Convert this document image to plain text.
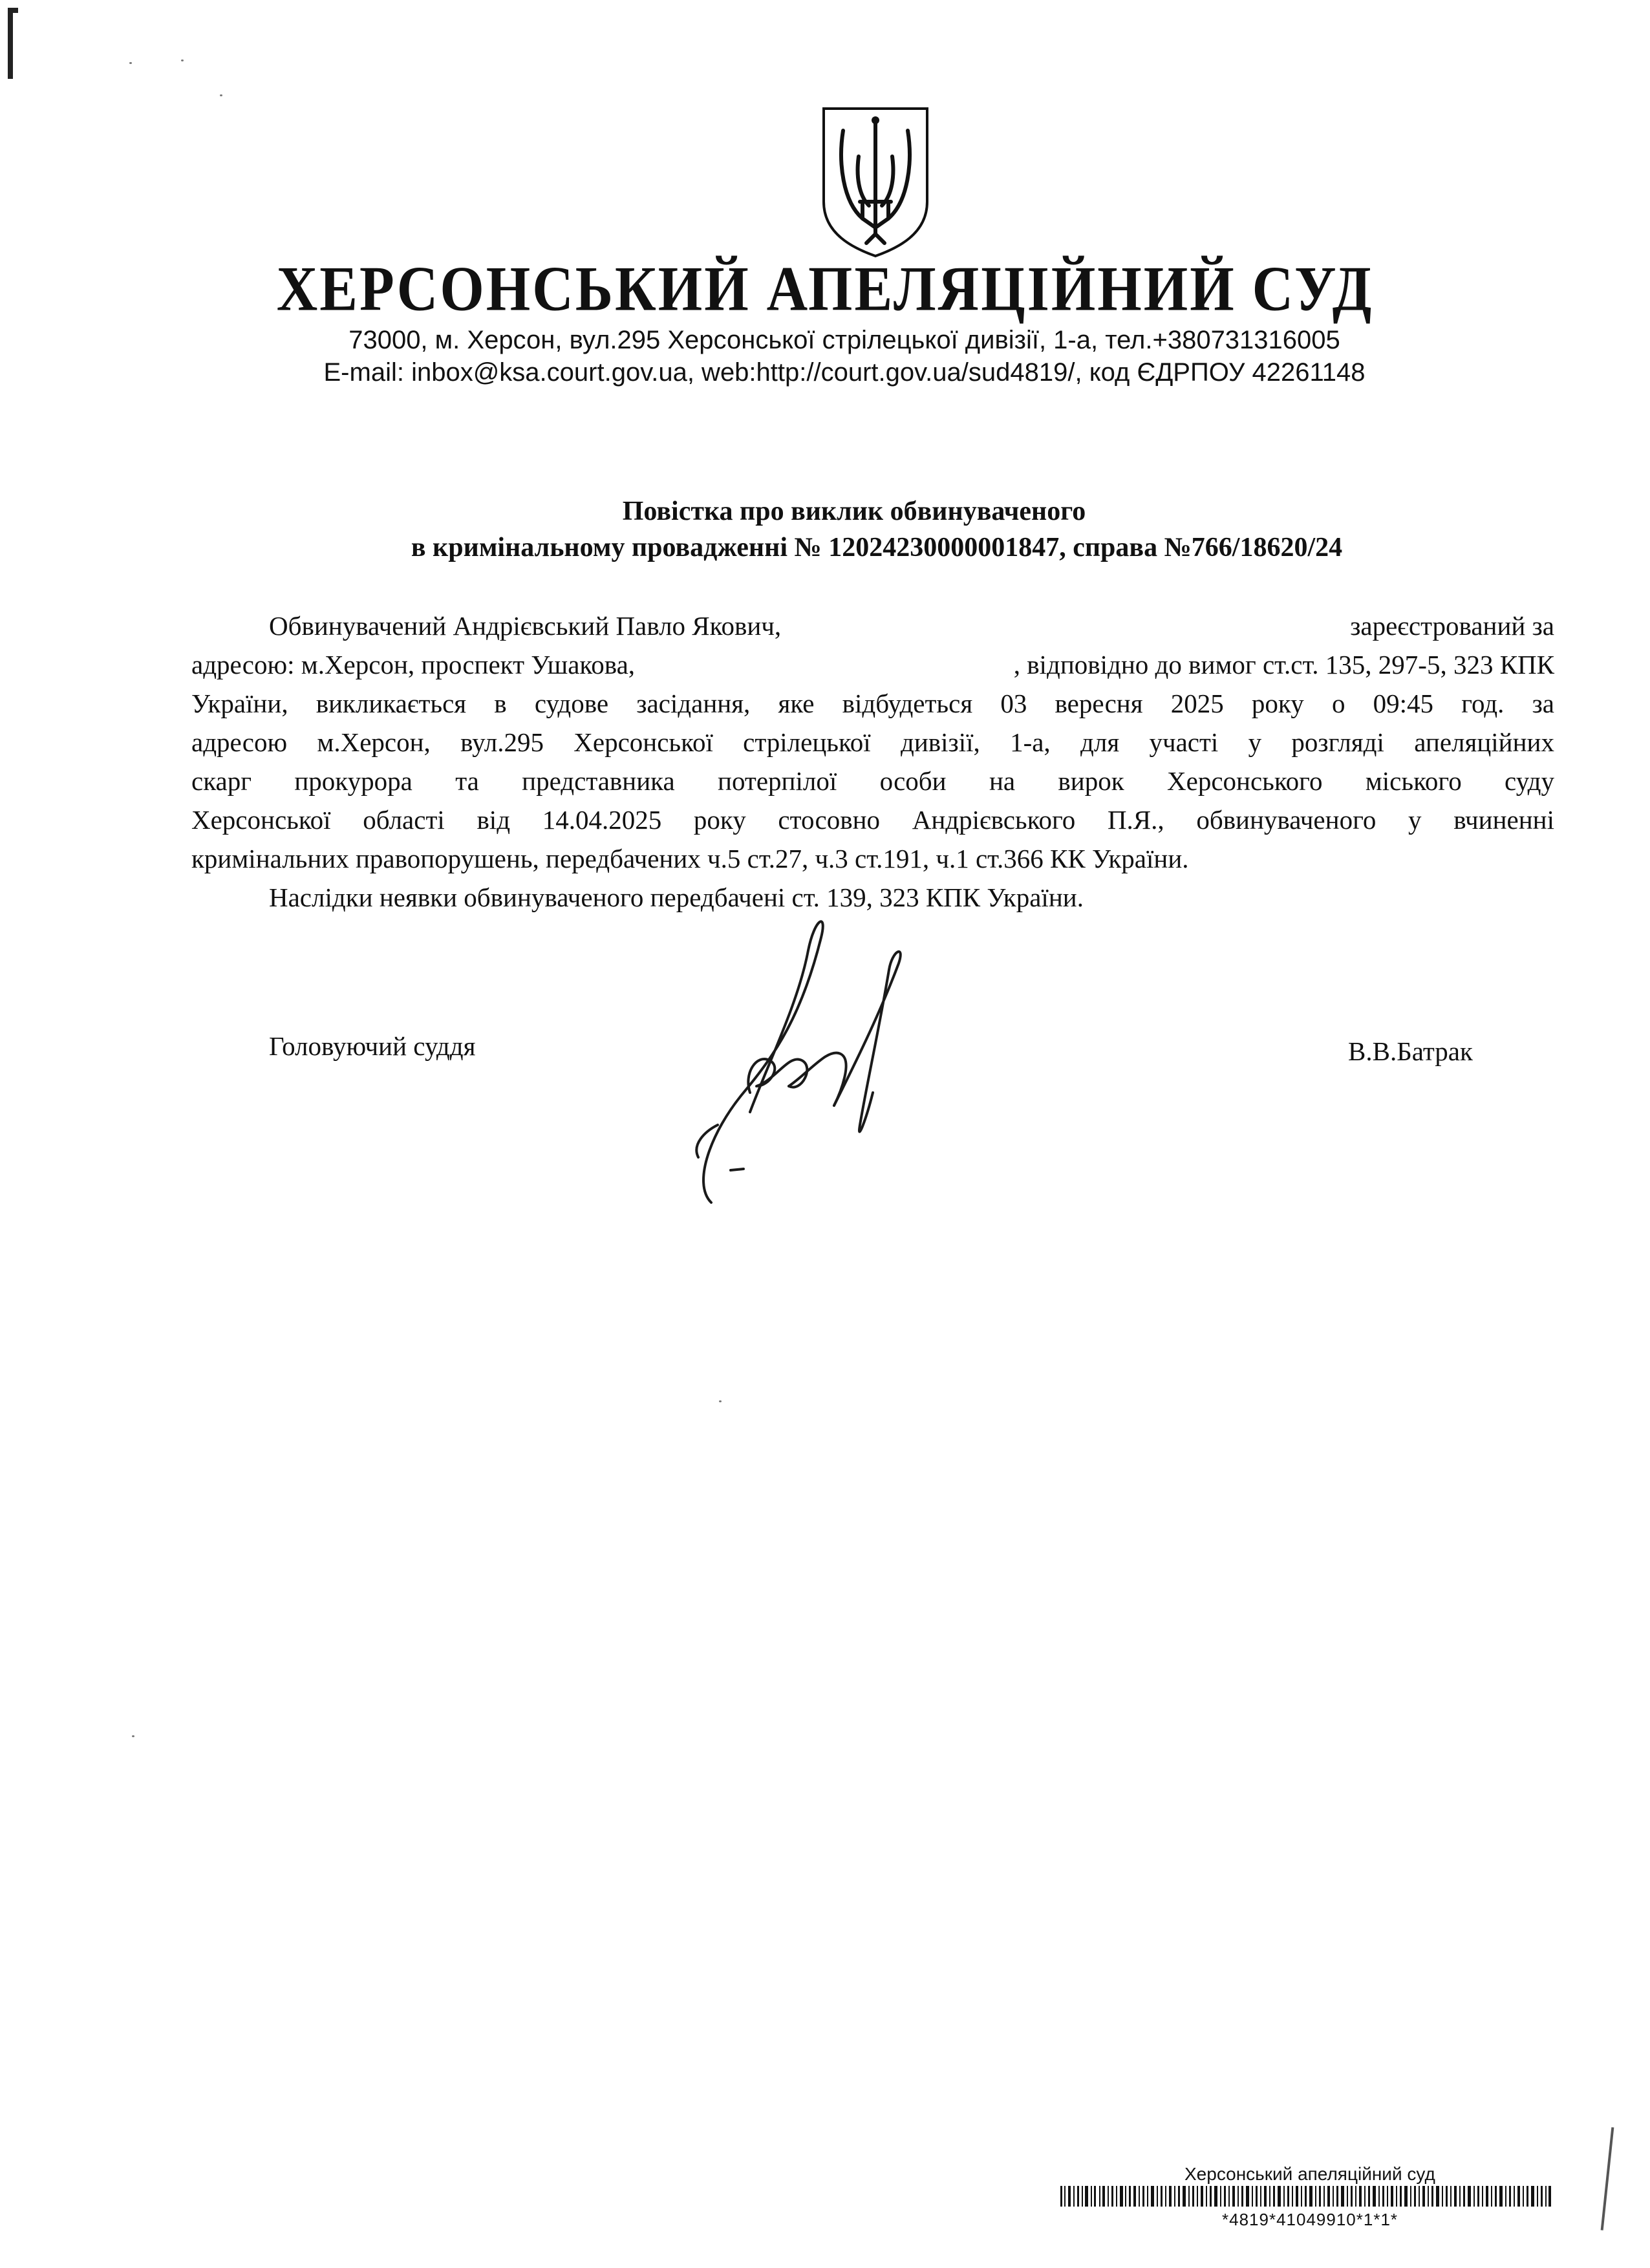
ХЕРСОНСЬКИЙ АПЕЛЯЦІЙНИЙ СУД
73000, м. Херсон, вул.295 Херсонської стрілецької дивізії, 1-а, тел.+380731316005
E-mail: inbox@ksa.court.gov.ua, web:http://court.gov.ua/sud4819/, код ЄДРПОУ 42261148
Повістка про виклик обвинуваченого
в кримінальному провадженні № 12024230000001847, справа №766/18620/24
Обвинувачений Андрієвський Павло Якович,	зареєстрований за
адресою: м.Херсон, проспект Ушакова,	, відповідно до вимог ст.ст. 135, 297-5, 323 КПК
України, викликається в судове засідання, яке відбудеться 03 вересня 2025 року о 09:45 год. за
адресою м.Херсон, вул.295 Херсонської стрілецької дивізії, 1-а, для участі у розгляді апеляційних
скарг прокурора та представника потерпілої особи на вирок Херсонського міського суду
Херсонської області від 14.04.2025 року стосовно Андрієвського П.Я., обвинуваченого у вчиненні
кримінальних правопорушень, передбачених ч.5 ст.27, ч.3 ст.191, ч.1 ст.366 КК України.
Наслідки неявки обвинуваченого передбачені ст. 139, 323 КПК України.
Головуючий суддя	В.В.Батрак
Херсонський апеляційний суд
*4819*41049910*1*1*
